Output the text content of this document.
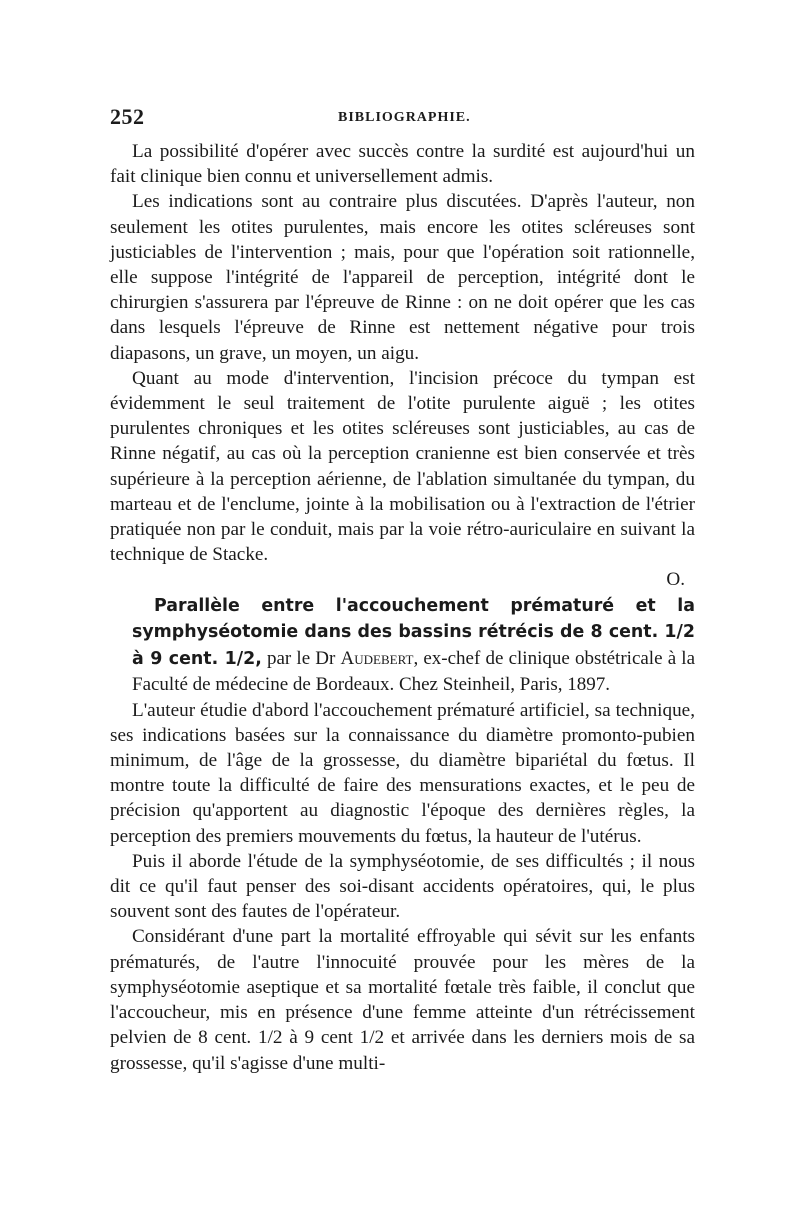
252	BIBLIOGRAPHIE.

La possibilité d'opérer avec succès contre la surdité est aujourd'hui un fait clinique bien connu et universellement admis.

Les indications sont au contraire plus discutées. D'après l'auteur, non seulement les otites purulentes, mais encore les otites scléreuses sont justiciables de l'intervention ; mais, pour que l'opération soit rationnelle, elle suppose l'intégrité de l'appareil de perception, intégrité dont le chirurgien s'assurera par l'épreuve de Rinne : on ne doit opérer que les cas dans lesquels l'épreuve de Rinne est nettement négative pour trois diapasons, un grave, un moyen, un aigu.

Quant au mode d'intervention, l'incision précoce du tympan est évidemment le seul traitement de l'otite purulente aiguë ; les otites purulentes chroniques et les otites scléreuses sont justiciables, au cas de Rinne négatif, au cas où la perception cranienne est bien conservée et très supérieure à la perception aérienne, de l'ablation simultanée du tympan, du marteau et de l'enclume, jointe à la mobilisation ou à l'extraction de l'étrier pratiquée non par le conduit, mais par la voie rétro-auriculaire en suivant la technique de Stacke.

O.

Parallèle entre l'accouchement prématuré et la symphyséotomie dans des bassins rétrécis de 8 cent. 1/2 à 9 cent. 1/2, par le Dr Audebert, ex-chef de clinique obstétricale à la Faculté de médecine de Bordeaux. Chez Steinheil, Paris, 1897.

L'auteur étudie d'abord l'accouchement prématuré artificiel, sa technique, ses indications basées sur la connaissance du diamètre promonto-pubien minimum, de l'âge de la grossesse, du diamètre bipariétal du fœtus. Il montre toute la difficulté de faire des mensurations exactes, et le peu de précision qu'apportent au diagnostic l'époque des dernières règles, la perception des premiers mouvements du fœtus, la hauteur de l'utérus.

Puis il aborde l'étude de la symphyséotomie, de ses difficultés ; il nous dit ce qu'il faut penser des soi-disant accidents opératoires, qui, le plus souvent sont des fautes de l'opérateur.

Considérant d'une part la mortalité effroyable qui sévit sur les enfants prématurés, de l'autre l'innocuité prouvée pour les mères de la symphyséotomie aseptique et sa mortalité fœtale très faible, il conclut que l'accoucheur, mis en présence d'une femme atteinte d'un rétrécissement pelvien de 8 cent. 1/2 à 9 cent 1/2 et arrivée dans les derniers mois de sa grossesse, qu'il s'agisse d'une multi-
